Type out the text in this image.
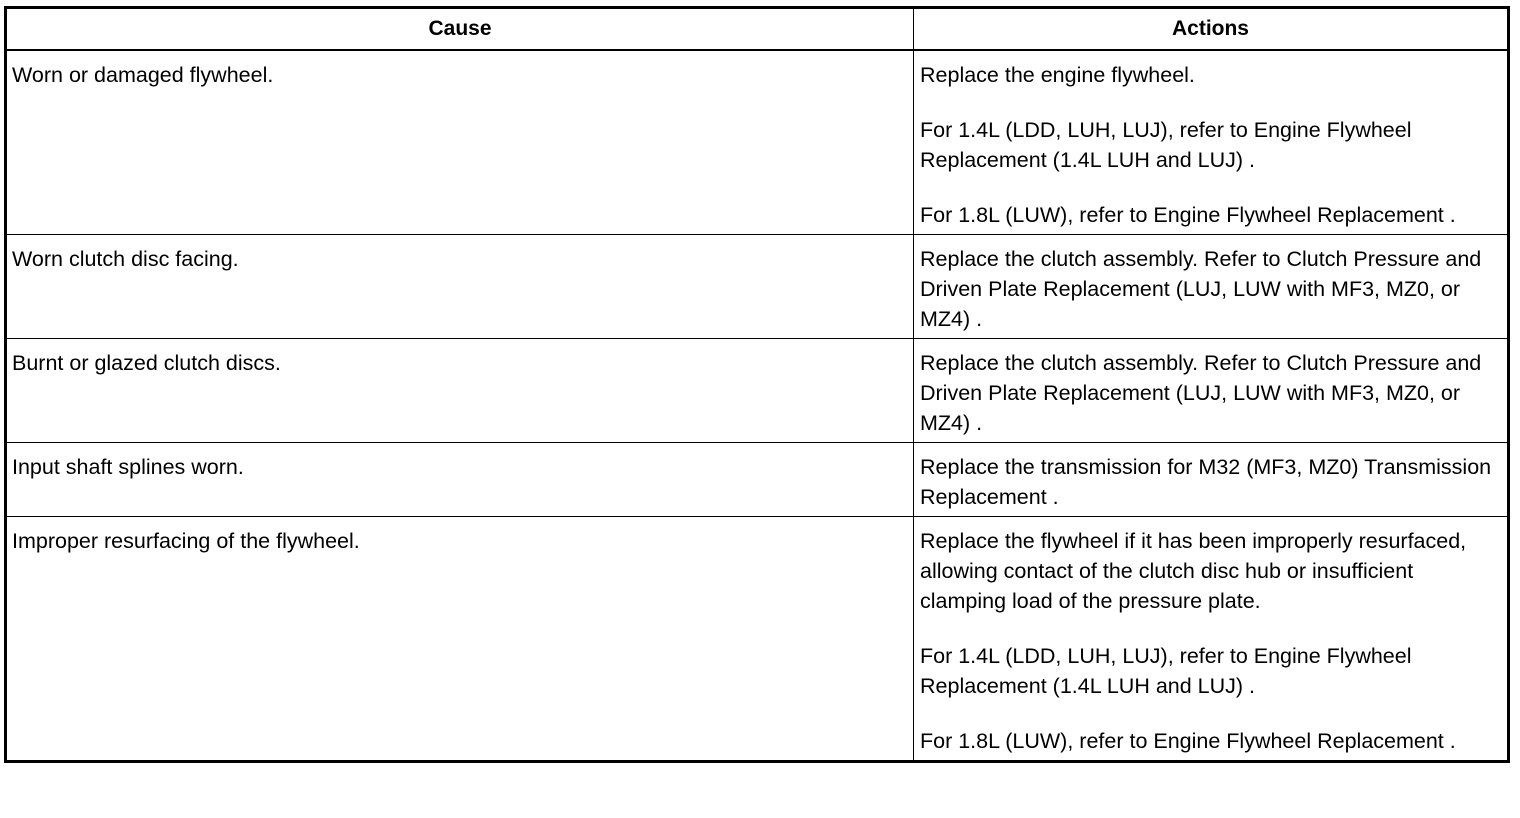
Cause	Actions
Worn or damaged flywheel.	Replace the engine flywheel.
For 1.4L (LDD, LUH, LUJ), refer to Engine Flywheel Replacement (1.4L LUH and LUJ) .
For 1.8L (LUW), refer to Engine Flywheel Replacement .

Worn clutch disc facing.	Replace the clutch assembly. Refer to Clutch Pressure and Driven Plate Replacement (LUJ, LUW with MF3, MZ0, or MZ4) .

Burnt or glazed clutch discs.	Replace the clutch assembly. Refer to Clutch Pressure and Driven Plate Replacement (LUJ, LUW with MF3, MZ0, or MZ4) .

Input shaft splines worn.	Replace the transmission for M32 (MF3, MZ0) Transmission Replacement .

Improper resurfacing of the flywheel.	Replace the flywheel if it has been improperly resurfaced, allowing contact of the clutch disc hub or insufficient clamping load of the pressure plate.
For 1.4L (LDD, LUH, LUJ), refer to Engine Flywheel Replacement (1.4L LUH and LUJ) .
For 1.8L (LUW), refer to Engine Flywheel Replacement .
